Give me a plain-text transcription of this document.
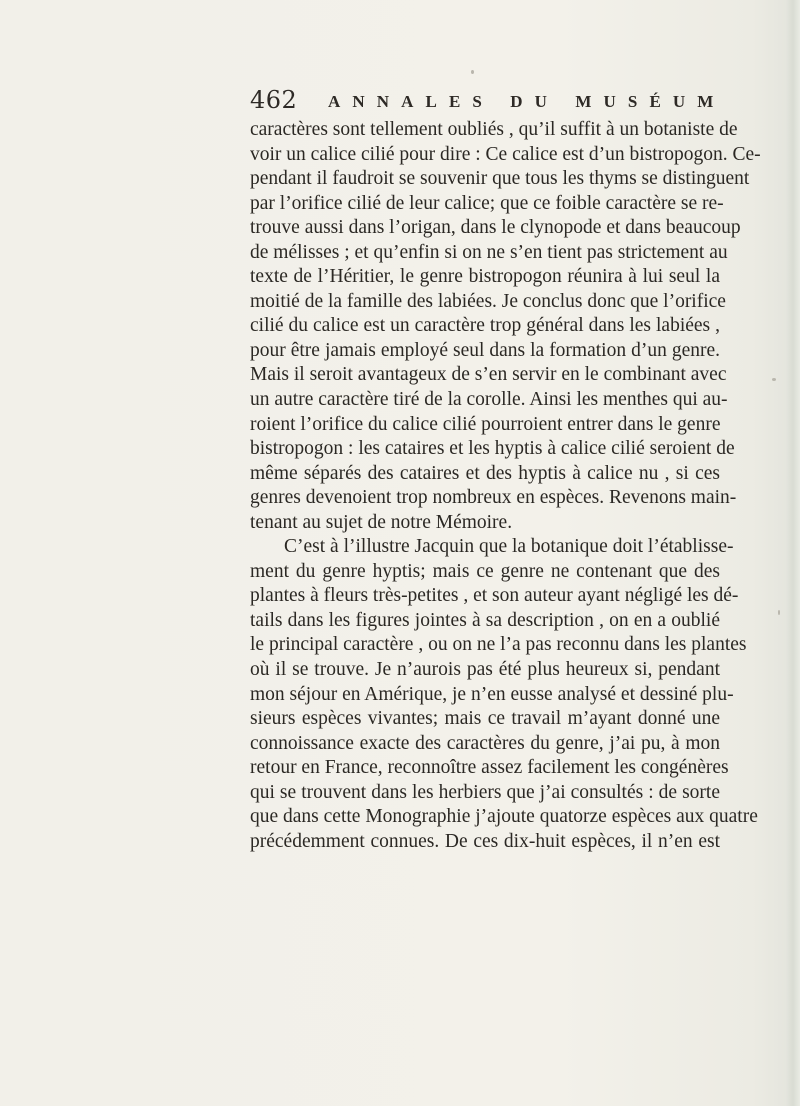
462 ANNALES DU MUSÉUM
caractères sont tellement oubliés , qu’il suffit à un botaniste de
voir un calice cilié pour dire : Ce calice est d’un bistropogon. Ce-
pendant il faudroit se souvenir que tous les thyms se distinguent
par l’orifice cilié de leur calice; que ce foible caractère se re-
trouve aussi dans l’origan, dans le clynopode et dans beaucoup
de mélisses ; et qu’enfin si on ne s’en tient pas strictement au
texte de l’Héritier, le genre bistropogon réunira à lui seul la
moitié de la famille des labiées. Je conclus donc que l’orifice
cilié du calice est un caractère trop général dans les labiées ,
pour être jamais employé seul dans la formation d’un genre.
Mais il seroit avantageux de s’en servir en le combinant avec
un autre caractère tiré de la corolle. Ainsi les menthes qui au-
roient l’orifice du calice cilié pourroient entrer dans le genre
bistropogon : les cataires et les hyptis à calice cilié seroient de
même séparés des cataires et des hyptis à calice nu , si ces
genres devenoient trop nombreux en espèces. Revenons main-
tenant au sujet de notre Mémoire.
C’est à l’illustre Jacquin que la botanique doit l’établisse-
ment du genre hyptis; mais ce genre ne contenant que des
plantes à fleurs très-petites , et son auteur ayant négligé les dé-
tails dans les figures jointes à sa description , on en a oublié
le principal caractère , ou on ne l’a pas reconnu dans les plantes
où il se trouve. Je n’aurois pas été plus heureux si, pendant
mon séjour en Amérique, je n’en eusse analysé et dessiné plu-
sieurs espèces vivantes; mais ce travail m’ayant donné une
connoissance exacte des caractères du genre, j’ai pu, à mon
retour en France, reconnoître assez facilement les congénères
qui se trouvent dans les herbiers que j’ai consultés : de sorte
que dans cette Monographie j’ajoute quatorze espèces aux quatre
précédemment connues. De ces dix-huit espèces, il n’en est
